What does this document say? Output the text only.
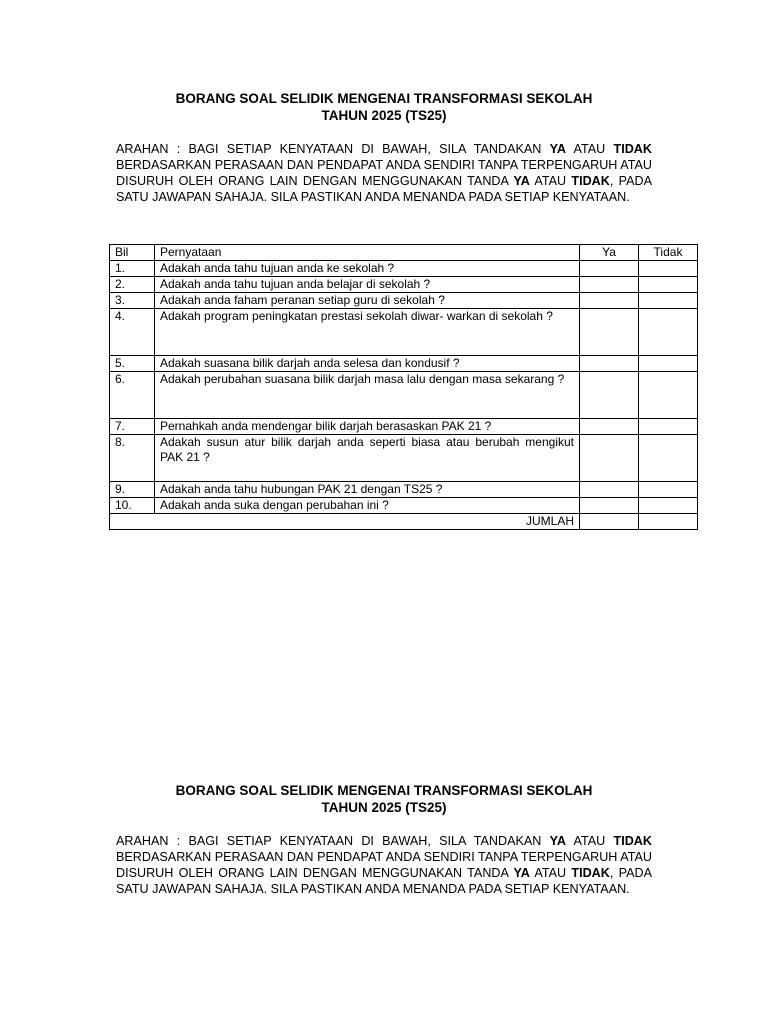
BORANG SOAL SELIDIK MENGENAI TRANSFORMASI SEKOLAH

TAHUN 2025 (TS25)

ARAHAN : BAGI SETIAP KENYATAAN DI BAWAH, SILA TANDAKAN YA ATAU TIDAK BERDASARKAN PERASAAN DAN PENDAPAT ANDA SENDIRI TANPA TERPENGARUH ATAU DISURUH OLEH ORANG LAIN DENGAN MENGGUNAKAN TANDA YA ATAU TIDAK, PADA SATU JAWAPAN SAHAJA. SILA PASTIKAN ANDA MENANDA PADA SETIAP KENYATAAN.
Bil	Pernyataan	Ya	Tidak
1.	Adakah anda tahu tujuan anda ke sekolah ?		
2.	Adakah anda tahu tujuan anda belajar di sekolah ?		
3.	Adakah anda faham peranan setiap guru di sekolah ?		
4.	Adakah program peningkatan prestasi sekolah diwar- warkan di sekolah ?		
5.	Adakah suasana bilik darjah anda selesa dan kondusif ?		
6.	Adakah perubahan suasana bilik darjah masa lalu dengan masa sekarang ?		
7.	Pernahkah anda mendengar bilik darjah berasaskan PAK 21 ?		
8.	Adakah susun atur bilik darjah anda seperti biasa atau berubah mengikut PAK 21 ?		
9.	Adakah anda tahu hubungan PAK 21 dengan TS25 ?		
10.	Adakah anda suka dengan perubahan ini ?		
JUMLAH			

BORANG SOAL SELIDIK MENGENAI TRANSFORMASI SEKOLAH

TAHUN 2025 (TS25)

ARAHAN : BAGI SETIAP KENYATAAN DI BAWAH, SILA TANDAKAN YA ATAU TIDAK BERDASARKAN PERASAAN DAN PENDAPAT ANDA SENDIRI TANPA TERPENGARUH ATAU DISURUH OLEH ORANG LAIN DENGAN MENGGUNAKAN TANDA YA ATAU TIDAK, PADA SATU JAWAPAN SAHAJA. SILA PASTIKAN ANDA MENANDA PADA SETIAP KENYATAAN.
